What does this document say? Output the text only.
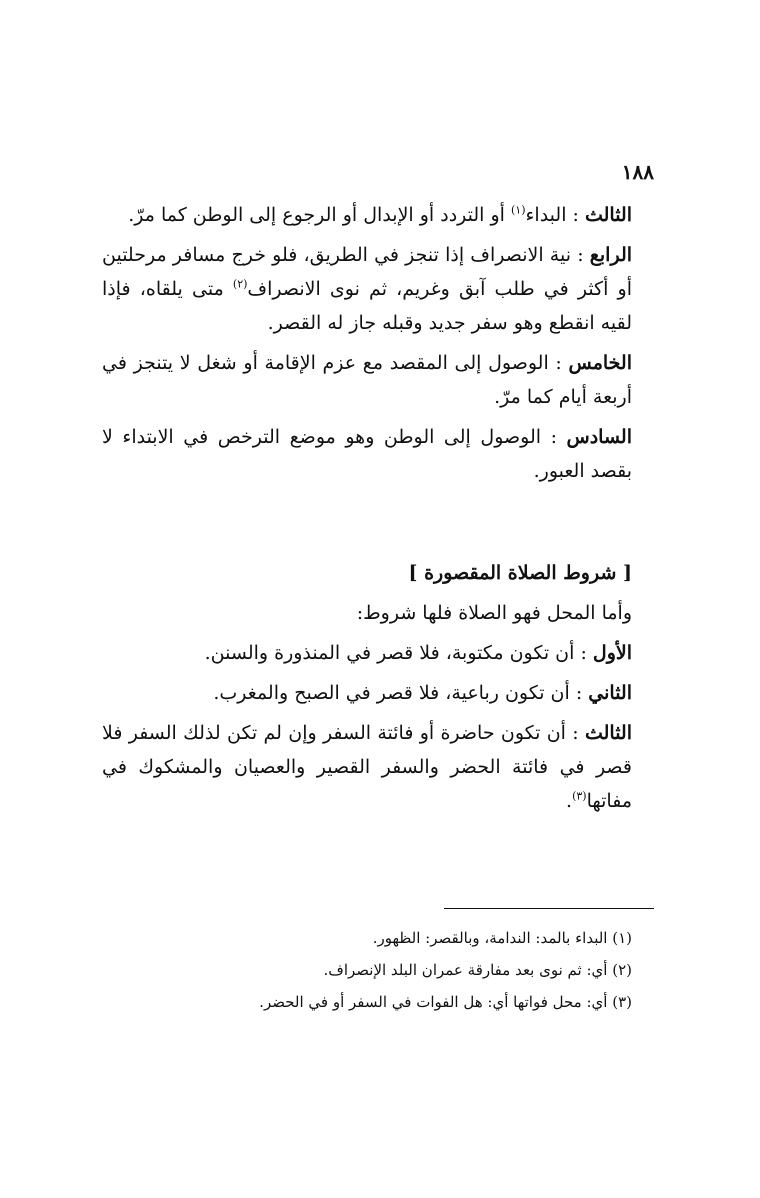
١٨٨

الثالث : البداء$^{(١)}$ أو التردد أو الإبدال أو الرجوع إلى الوطن كما مرّ.

الرابع : نية الانصراف إذا تنجز في الطريق، فلو خرج مسافر مرحلتين أو أكثر في طلب آبق وغريم، ثم نوى الانصراف$^{(٢)}$ متى يلقاه، فإذا لقيه انقطع وهو سفر جديد وقبله جاز له القصر.

الخامس : الوصول إلى المقصد مع عزم الإقامة أو شغل لا يتنجز في أربعة أيام كما مرّ.

السادس : الوصول إلى الوطن وهو موضع الترخص في الابتداء لا بقصد العبور.

[ شروط الصلاة المقصورة ]

وأما المحل فهو الصلاة فلها شروط:

الأول : أن تكون مكتوبة، فلا قصر في المنذورة والسنن.

الثاني : أن تكون رباعية، فلا قصر في الصبح والمغرب.

الثالث : أن تكون حاضرة أو فائتة السفر وإن لم تكن لذلك السفر فلا قصر في فائتة الحضر والسفر القصير والعصيان والمشكوك في مفاتها$^{(٣)}$.

(١) البداء بالمد: الندامة، وبالقصر: الظهور.
(٢) أي: ثم نوى بعد مفارقة عمران البلد الإنصراف.
(٣) أي: محل فواتها أي: هل الفوات في السفر أو في الحضر.
